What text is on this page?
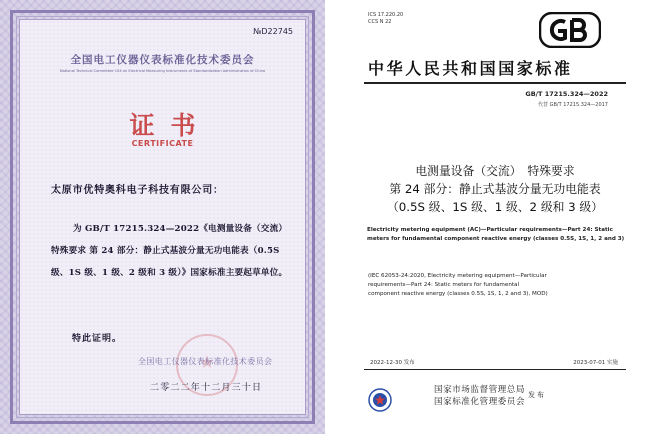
№D22745
全国电工仪器仪表标准化技术委员会
National Technical Committee 104 on Electrical Measuring Instruments of Standardization Administration of China
证书
CERTIFICATE
太原市优特奥科电子科技有限公司：
为 GB/T 17215.324—2022《电测量设备（交流） 特殊要求 第 24 部分：静止式基波分量无功电能表（0.5S 级、1S 级、1 级、2 级和 3 级）》国家标准主要起草单位。
特此证明。
★
全国电工仪器仪表标准化技术委员会
二零二二年十二月三十日
ICS 17.220.20
CCS N 22
中华人民共和国国家标准
GB/T 17215.324—2022
代替 GB/T 17215.324—2017
电测量设备（交流）　特殊要求
第 24 部分：静止式基波分量无功电能表
（0.5S 级、1S 级、1 级、2 级和 3 级）
Electricity metering equipment (AC)—Particular requirements—Part 24: Static
meters for fundamental component reactive energy (classes 0.5S, 1S, 1, 2 and 3)
(IEC 62053-24:2020, Electricity metering equipment—Particular
requirements—Part 24: Static meters for fundamental
component reactive energy (classes 0.5S, 1S, 1, 2 and 3), MOD)
2022-12-30 发布	2023-07-01 实施
国家市场监督管理总局
国家标准化管理委员会
发布
